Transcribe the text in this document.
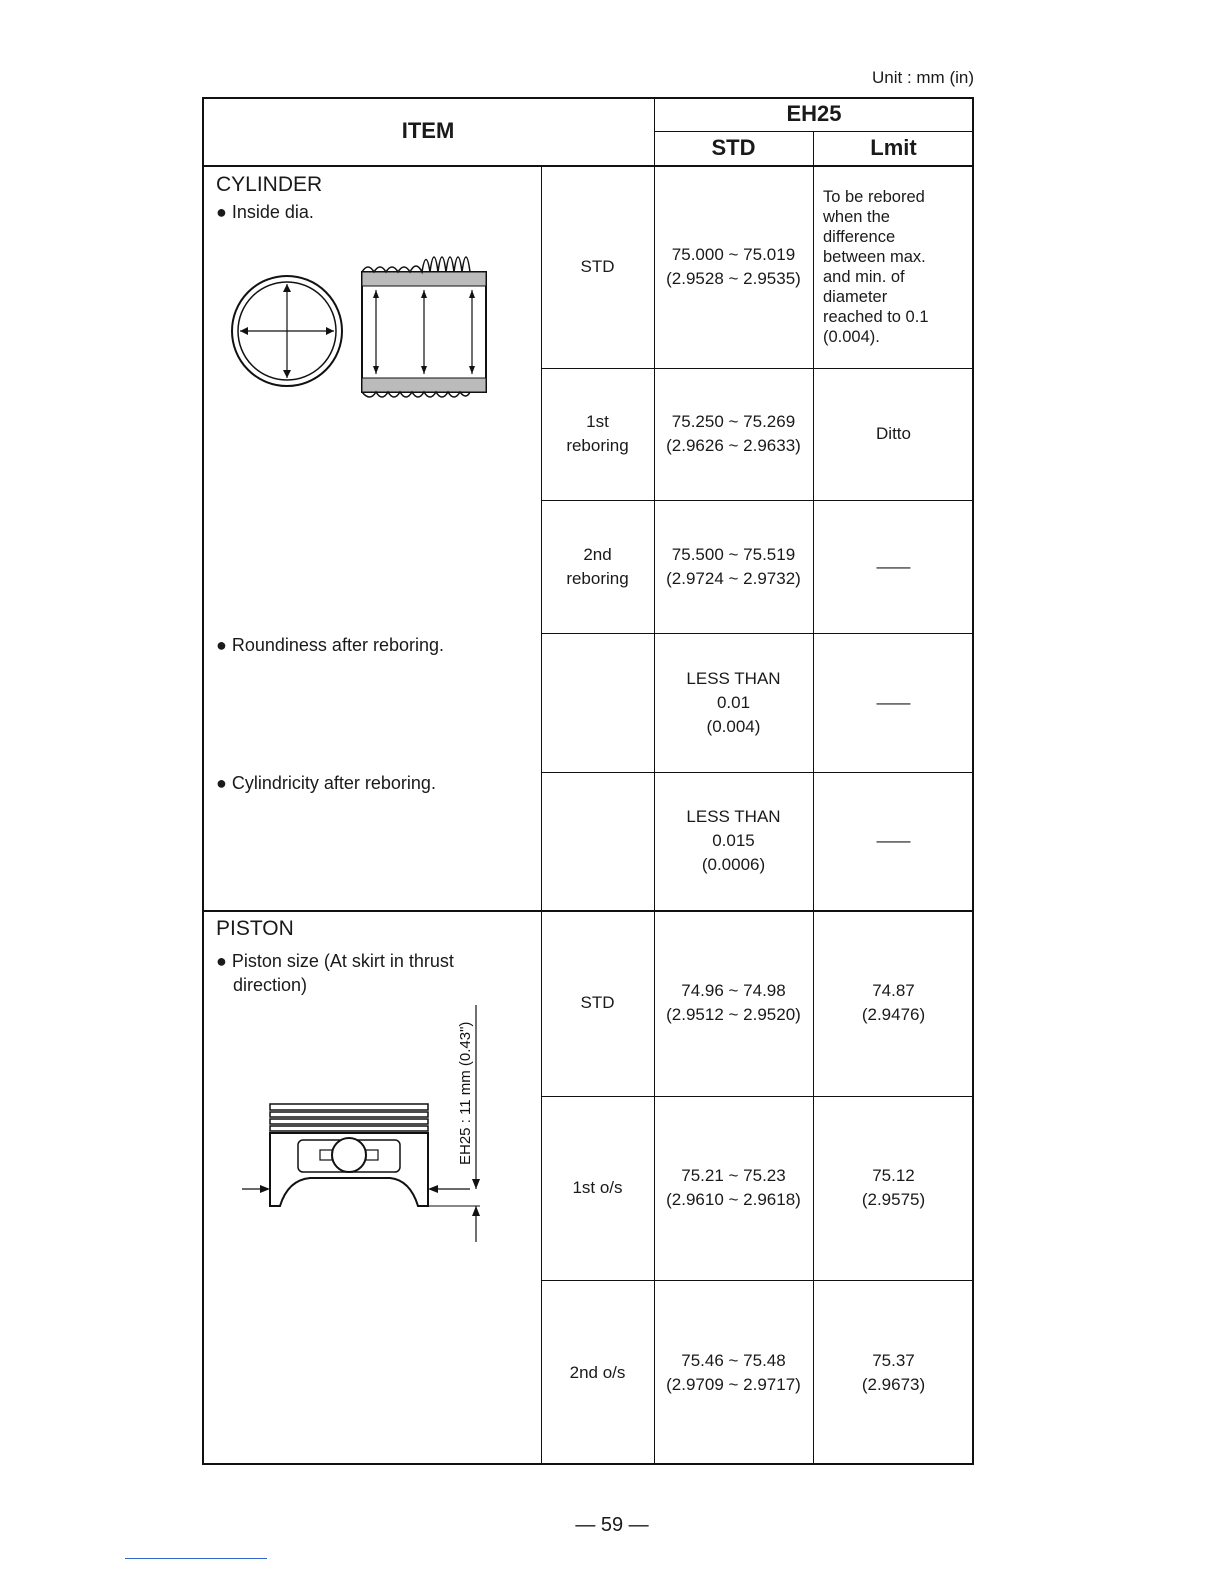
Unit : mm (in)
ITEM
EH25
STD	Lmit
CYLINDER
● Inside dia.
● Roundiness after reboring.
● Cylindricity after reboring.
STD
75.000 ~ 75.019
(2.9528 ~ 2.9535)
To be rebored
when the
difference
between max.
and min. of
diameter
reached to 0.1
(0.004).
1st
reboring
75.250 ~ 75.269
(2.9626 ~ 2.9633)
Ditto
2nd
reboring
75.500 ~ 75.519
(2.9724 ~ 2.9732)
——
LESS THAN
0.01
(0.004)
——
LESS THAN
0.015
(0.0006)
——
PISTON
● Piston size (At skirt in thrust
direction)
EH25 : 11 mm (0.43")
STD
74.96 ~ 74.98
(2.9512 ~ 2.9520)
74.87
(2.9476)
1st o/s
75.21 ~ 75.23
(2.9610 ~ 2.9618)
75.12
(2.9575)
2nd o/s
75.46 ~ 75.48
(2.9709 ~ 2.9717)
75.37
(2.9673)
— 59 —
